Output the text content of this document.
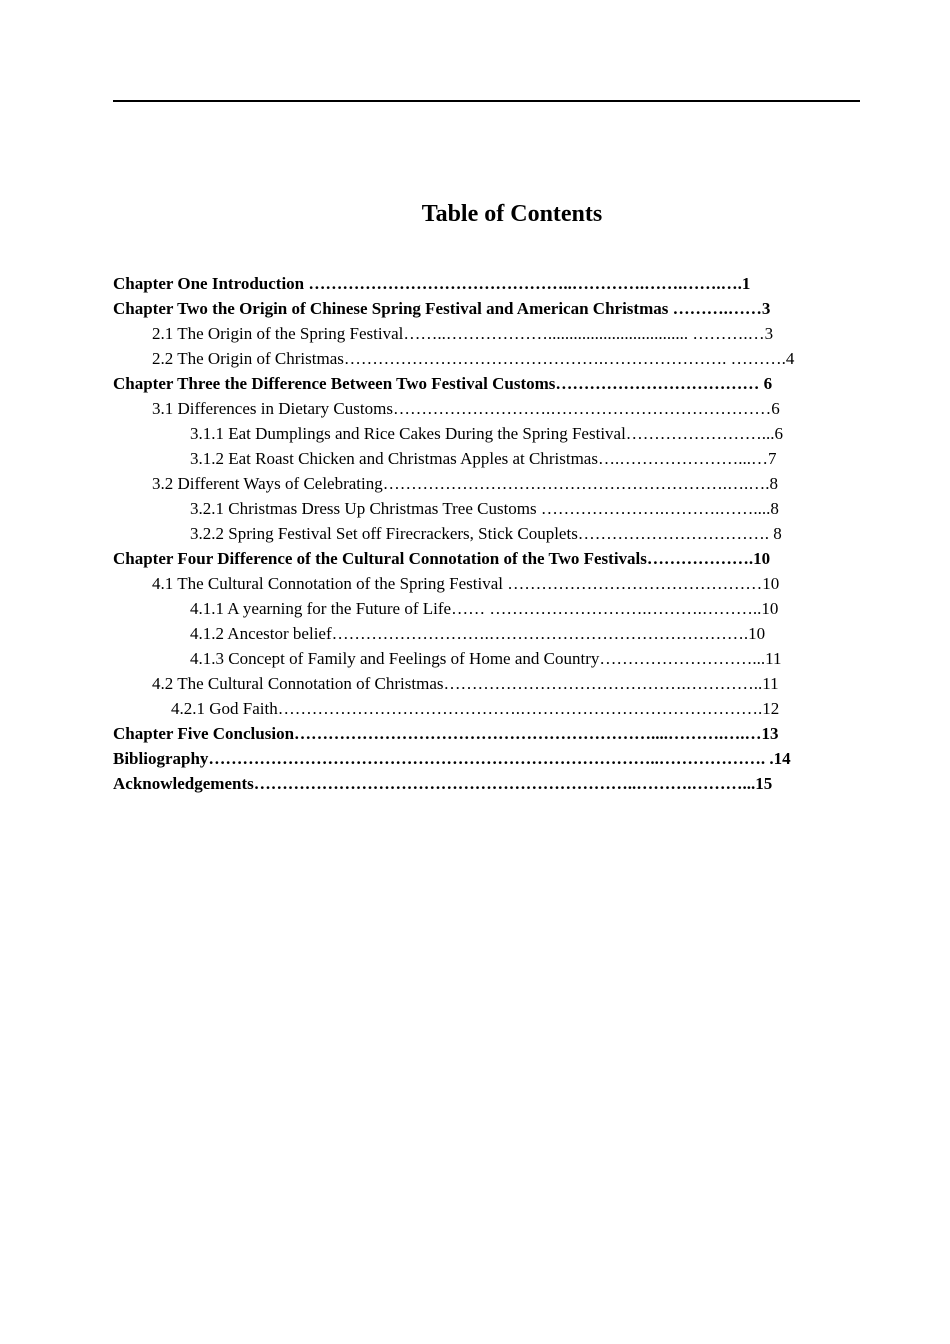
Table of Contents
Chapter One Introduction ………………………………………..………….…….…….….1
Chapter Two the Origin of Chinese Spring Festival and American Christmas ……….……3
2.1 The Origin of the Spring Festival……..………………................................. ……….…3
2.2 The Origin of Christmas……………………………………….…………………. ……….4
Chapter Three the Difference Between Two Festival Customs……………………………… 6
3.1 Differences in Dietary Customs……………………….…………………………………6
3.1.1 Eat Dumplings and Rice Cakes During the Spring Festival……………………...6
3.1.2 Eat Roast Chicken and Christmas Apples at Christmas….…………………...…7
3.2 Different Ways of Celebrating…………………………………………………….….….8
3.2.1 Christmas Dress Up Christmas Tree Customs ………………….……….……....8
3.2.2 Spring Festival Set off Firecrackers, Stick Couplets……………………………. 8
Chapter Four Difference of the Cultural Connotation of the Two Festivals……………….10
4.1 The Cultural Connotation of the Spring Festival ………………………………………10
4.1.1 A yearning for the Future of Life…… ……………………….……….………..10
4.1.2 Ancestor belief……………………….……………………………………….10
4.1.3 Concept of Family and Feelings of Home and Country………………………...11
4.2 The Cultural Connotation of Christmas…………………………………….…………..11
4.2.1 God Faith…………………………………….…………………………………….12
Chapter Five Conclusion………………………………………………………....……….….…13
Bibliography……………………………………………………………………..………………. .14
Acknowledgements…………………………………………………………..……….………...15
